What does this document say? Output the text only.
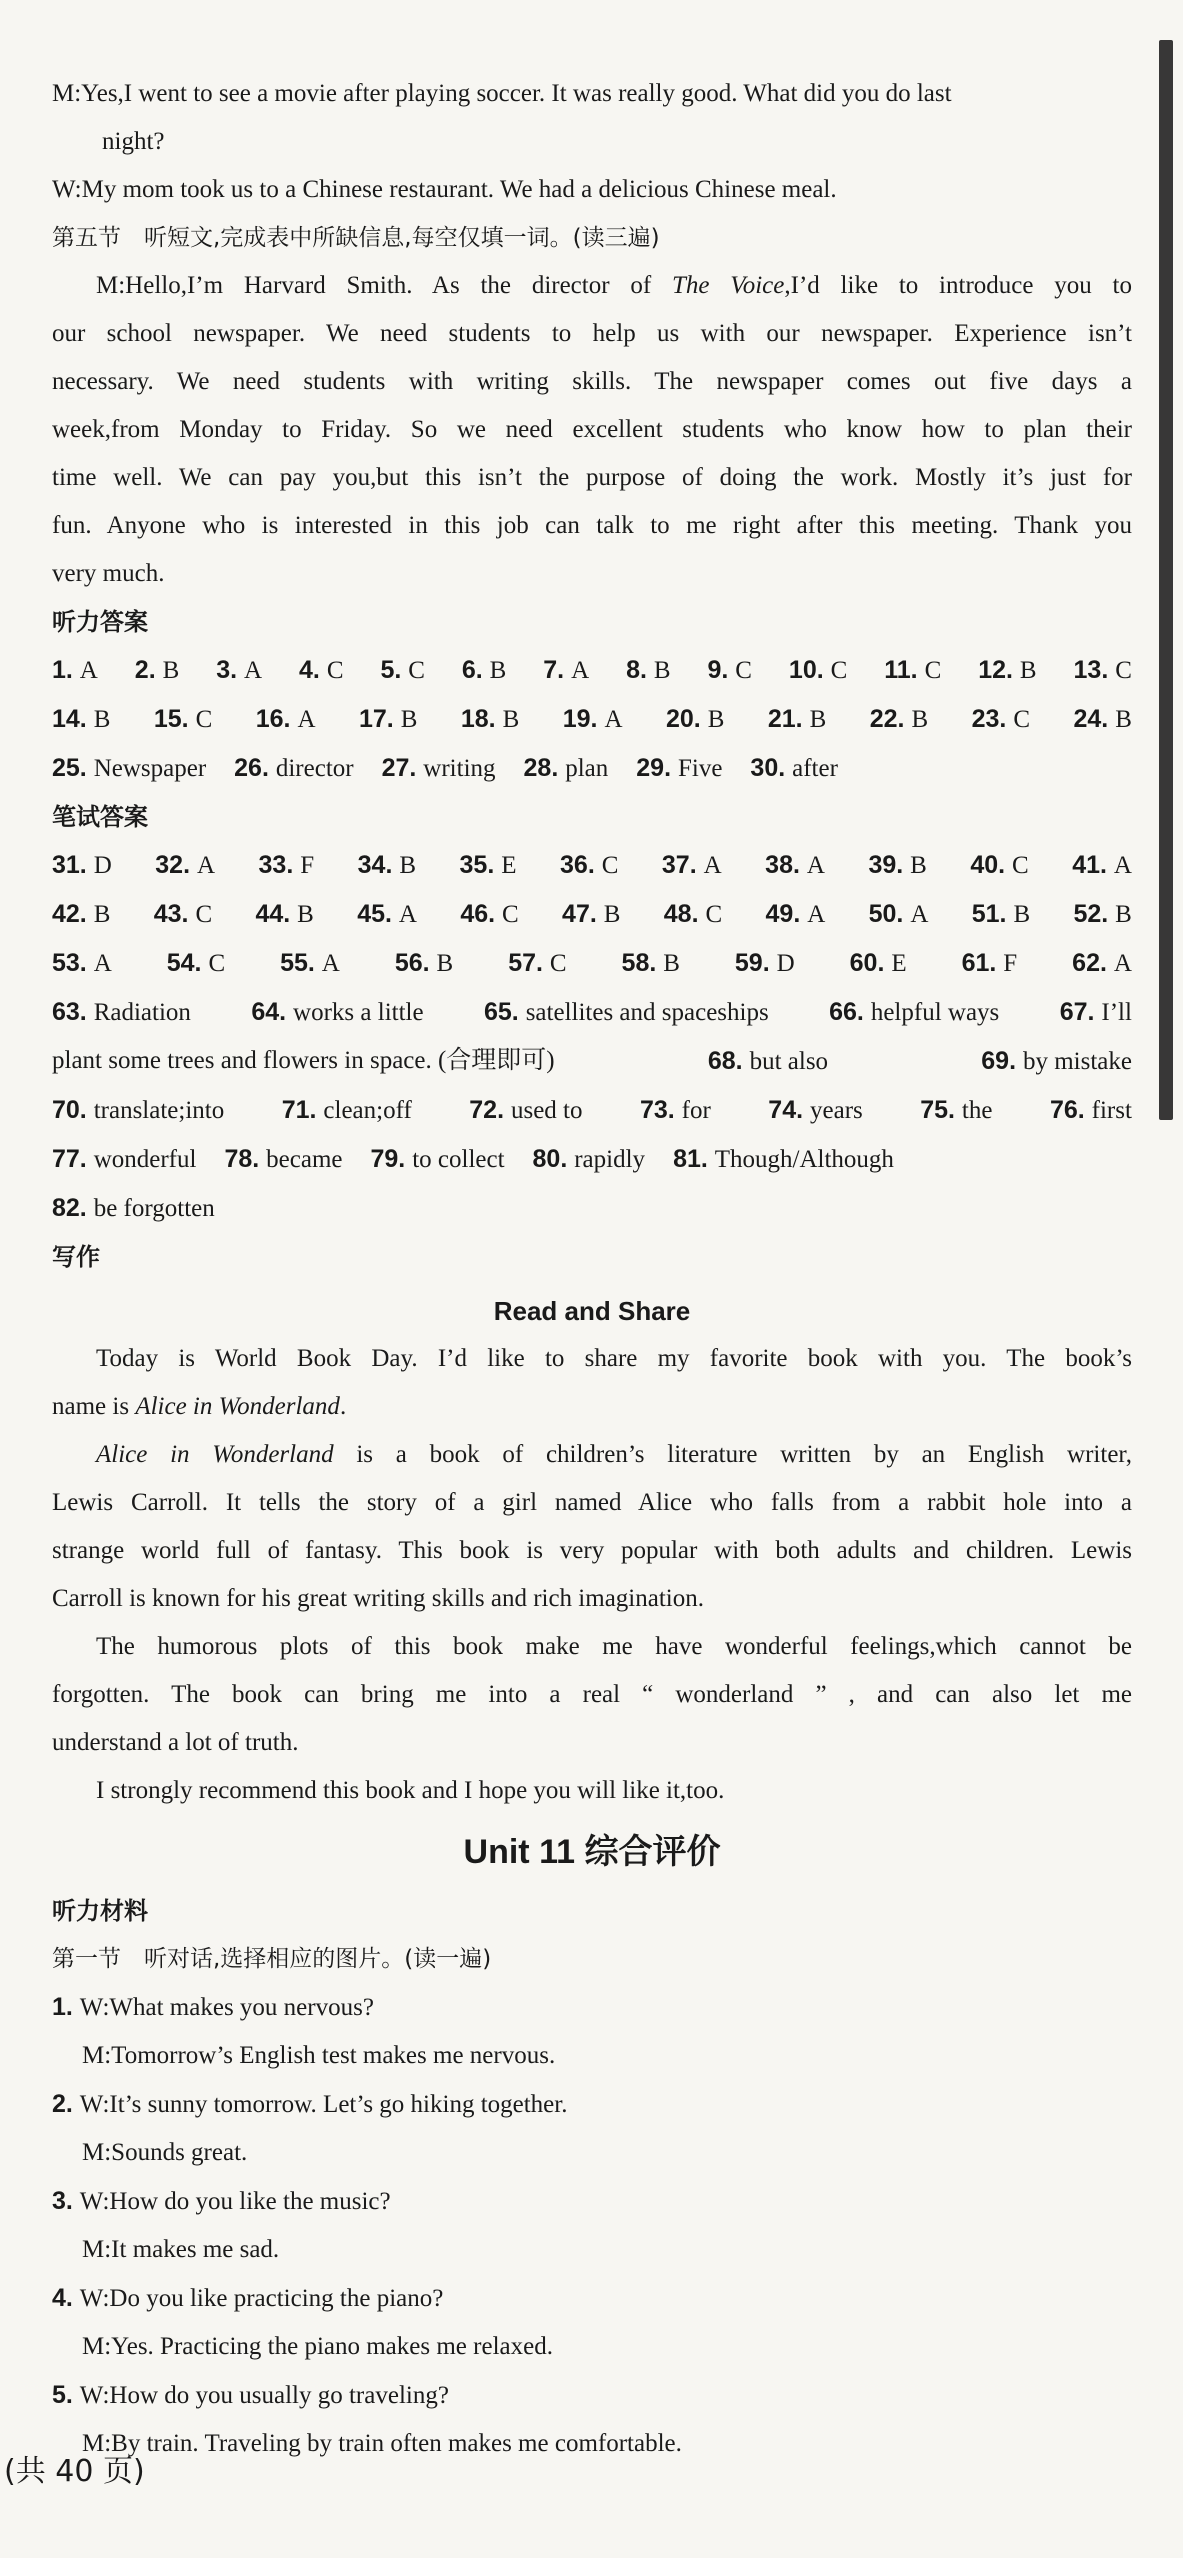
M:Yes,I went to see a movie after playing soccer. It was really good. What did you do last
night?
W:My mom took us to a Chinese restaurant. We had a delicious Chinese meal.
第五节　听短文,完成表中所缺信息,每空仅填一词。(读三遍)
M:Hello,I’m Harvard Smith. As the director of The Voice,I’d like to introduce you to
our school newspaper. We need students to help us with our newspaper. Experience isn’t
necessary. We need students with writing skills. The newspaper comes out five days a
week,from Monday to Friday. So we need excellent students who know how to plan their
time well. We can pay you,but this isn’t the purpose of doing the work. Mostly it’s just for
fun. Anyone who is interested in this job can talk to me right after this meeting. Thank you
very much.
听力答案
1. A 2. B 3. A 4. C 5. C 6. B 7. A 8. B 9. C 10. C 11. C 12. B 13. C
14. B 15. C 16. A 17. B 18. B 19. A 20. B 21. B 22. B 23. C 24. B
25. Newspaper 26. director 27. writing 28. plan 29. Five 30. after
笔试答案
31. D 32. A 33. F 34. B 35. E 36. C 37. A 38. A 39. B 40. C 41. A
42. B 43. C 44. B 45. A 46. C 47. B 48. C 49. A 50. A 51. B 52. B
53. A 54. C 55. A 56. B 57. C 58. B 59. D 60. E 61. F 62. A
63. Radiation 64. works a little 65. satellites and spaceships 66. helpful ways 67. I’ll
plant some trees and flowers in space. (合理即可)	68. but also	69. by mistake
70. translate;into 71. clean;off 72. used to 73. for 74. years 75. the 76. first
77. wonderful 78. became 79. to collect 80. rapidly 81. Though/Although
82. be forgotten
写作
Read and Share
Today is World Book Day. I’d like to share my favorite book with you. The book’s
name is Alice in Wonderland.
Alice in Wonderland is a book of children’s literature written by an English writer,
Lewis Carroll. It tells the story of a girl named Alice who falls from a rabbit hole into a
strange world full of fantasy. This book is very popular with both adults and children. Lewis
Carroll is known for his great writing skills and rich imagination.
The humorous plots of this book make me have wonderful feelings,which cannot be
forgotten. The book can bring me into a real “ wonderland ” , and can also let me
understand a lot of truth.
I strongly recommend this book and I hope you will like it,too.
Unit 11 综合评价
听力材料
第一节　听对话,选择相应的图片。(读一遍)
1. W:What makes you nervous?
M:Tomorrow’s English test makes me nervous.
2. W:It’s sunny tomorrow. Let’s go hiking together.
M:Sounds great.
3. W:How do you like the music?
M:It makes me sad.
4. W:Do you like practicing the piano?
M:Yes. Practicing the piano makes me relaxed.
5. W:How do you usually go traveling?
M:By train. Traveling by train often makes me comfortable.
(共 40 页)
